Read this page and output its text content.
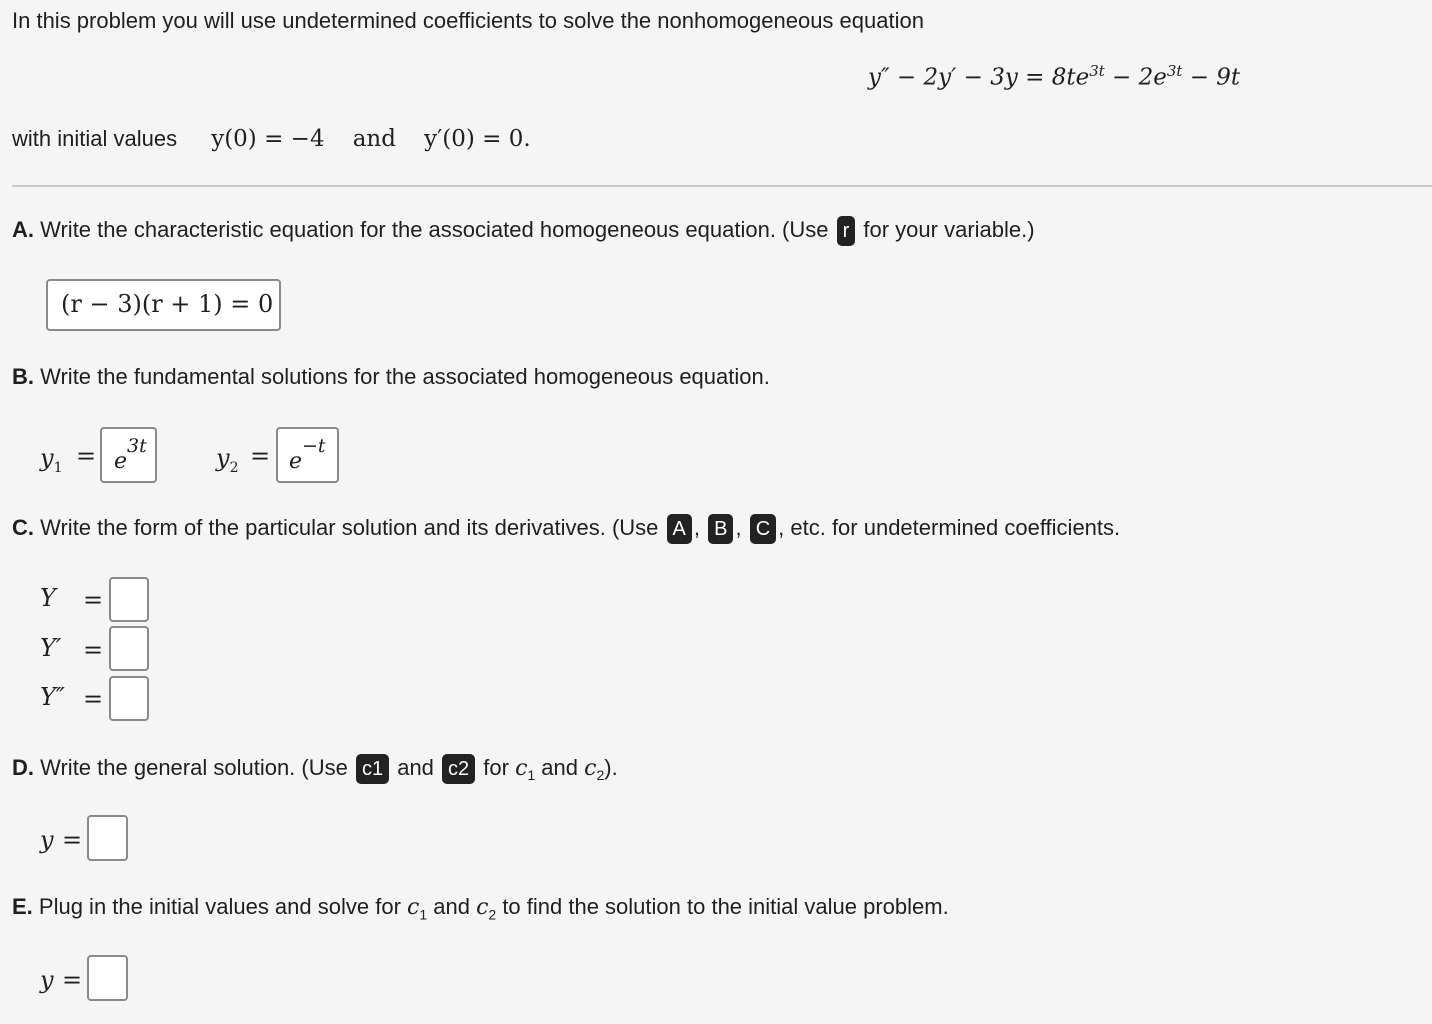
In this problem you will use undetermined coefficients to solve the nonhomogeneous equation
$y'' - 2y' - 3y = 8te^{3t} - 2e^{3t} - 9t$
with initial values y(0) = −4 and y′(0) = 0.
A. Write the characteristic equation for the associated homogeneous equation. (Use r for your variable.)
(r − 3)(r + 1) = 0
B. Write the fundamental solutions for the associated homogeneous equation.
$y_1 = e$
3t	$y_2 = e$
−t
C. Write the form of the particular solution and its derivatives. (Use A , B , C , etc. for undetermined coefficients.
Y =
Y′ =
Y″ =
D. Write the general solution. (Use c1 and c2 for $c_1$ and $c_2$).
y =
E. Plug in the initial values and solve for $c_1$ and $c_2$ to find the solution to the initial value problem.
y =
